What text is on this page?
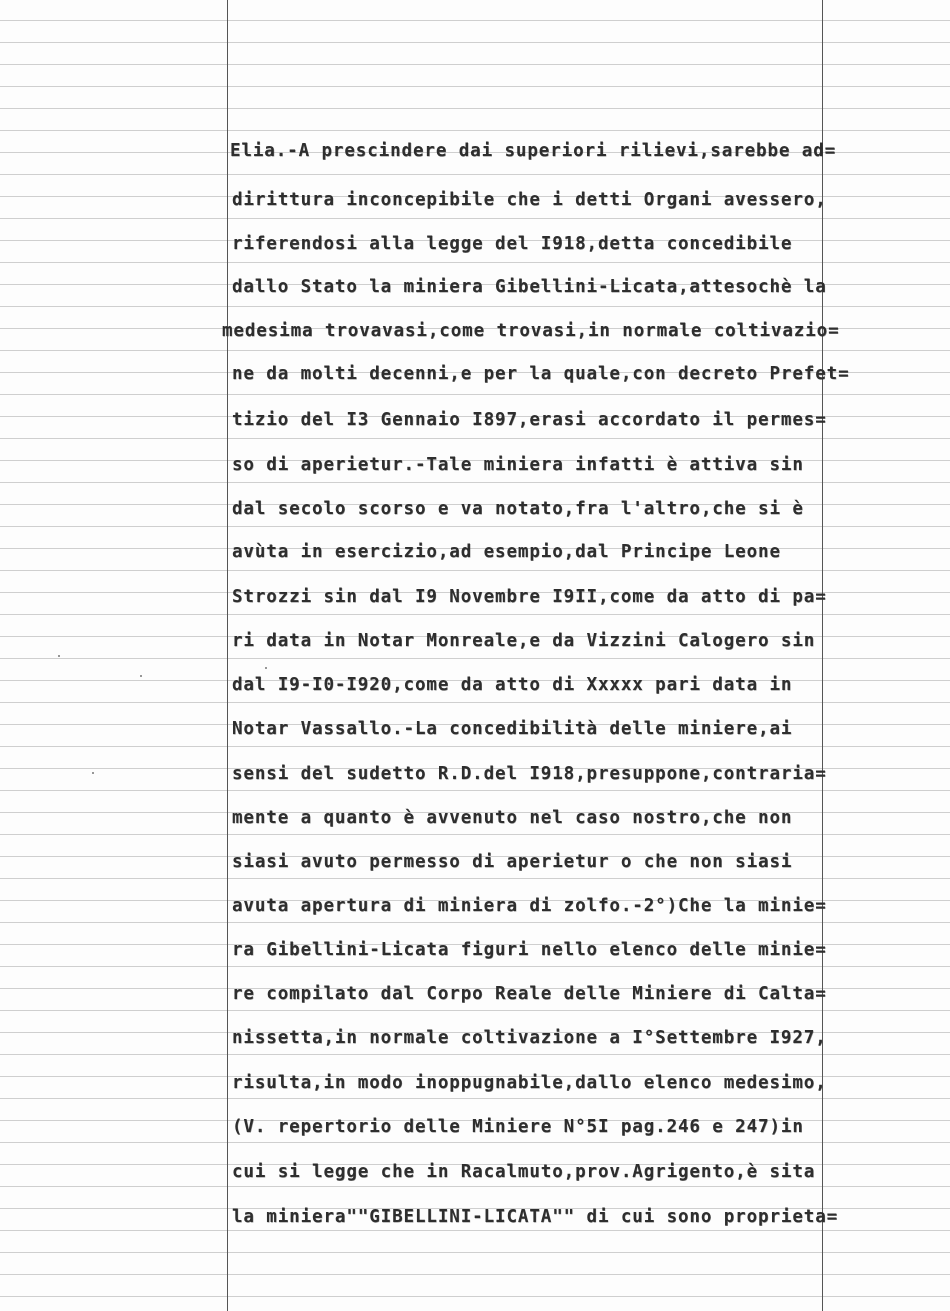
Elia.-A prescindere dai superiori rilievi,sarebbe ad=
dirittura inconcepibile che i detti Organi avessero,
riferendosi alla legge del I918,detta concedibile
dallo Stato la miniera Gibellini-Licata,attesochè la
medesima trovavasi,come trovasi,in normale coltivazio=
ne da molti decenni,e per la quale,con decreto Prefet=
tizio del I3 Gennaio I897,erasi accordato il permes=
so di aperietur.-Tale miniera infatti è attiva sin
dal secolo scorso e va notato,fra l'altro,che si è
avùta in esercizio,ad esempio,dal Principe Leone
Strozzi sin dal I9 Novembre I9II,come da atto di pa=
ri data in Notar Monreale,e da Vizzini Calogero sin
dal I9-I0-I920,come da atto di Xxxxx pari data in
Notar Vassallo.-La concedibilità delle miniere,ai
sensi del sudetto R.D.del I918,presuppone,contraria=
mente a quanto è avvenuto nel caso nostro,che non
siasi avuto permesso di aperietur o che non siasi
avuta apertura di miniera di zolfo.-2°)Che la minie=
ra Gibellini-Licata figuri nello elenco delle minie=
re compilato dal Corpo Reale delle Miniere di Calta=
nissetta,in normale coltivazione a I°Settembre I927,
risulta,in modo inoppugnabile,dallo elenco medesimo,
(V. repertorio delle Miniere N°5I pag.246 e 247)in
cui si legge che in Racalmuto,prov.Agrigento,è sita
la miniera""GIBELLINI-LICATA"" di cui sono proprieta=
